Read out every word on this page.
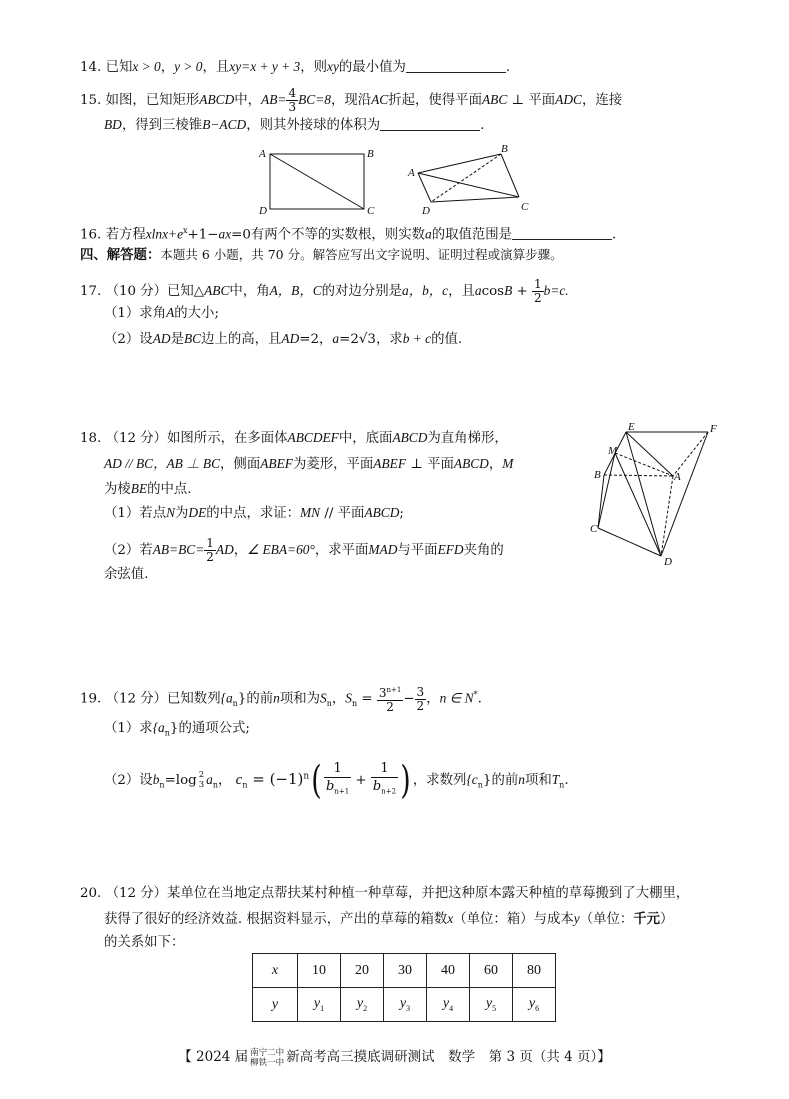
14. 已知x > 0，y > 0，且xy=x + y + 3，则xy的最小值为	.
15. 如图，已知矩形ABCD中，$AB= \frac{4}{3} BC=8$，现沿AC折起，使得平面ABC ⊥ 平面ADC，连接
BD，得到三棱锥B−ACD，则其外接球的体积为	.
A	B
D	C
A
B
D	C
16. 若方程$xlnx+e^x+1-ax=0$有两个不等的实数根，则实数a的取值范围是	.
四、解答题：本题共 6 小题，共 70 分。解答应写出文字说明、证明过程或演算步骤。
17. （10 分）已知△ABC中，角A，B，C的对边分别是a，b，c，且$acosB + \frac{1}{2} b=c$.
（1）求角A的大小;
（2）设AD是BC边上的高，且AD=2，a=2√3，求b + c的值.
18. （12 分）如图所示，在多面体ABCDEF中，底面ABCD为直角梯形，
AD // BC，AB ⊥ BC，侧面ABEF为菱形，平面ABEF ⊥ 平面ABCD，M
为棱BE的中点.
（1）若点N为DE的中点，求证：MN // 平面ABCD;
（2）若$AB=BC= \frac{1}{2}$ AD，∠ EBA=60°，求平面MAD与平面EFD夹角的
余弦值.
E	F
M
B	A
C
D
19. （12 分）已知数列$\{a_n\}$的前n项和为$S_n$，$S_n = \frac{3^{n+1}}{2} - \frac{3}{2}$ ，n ∈ N*.
（1）求$\{a_n\}$的通项公式;
（2）设$b_n=\log$ 2
3 $a_n$， $c_n = (-1)^n( \frac{1}{b_{n+1}} + \frac{1}{b_{n+2}}$ ) ，求数列$\{c_n\}$的前n项和$T_n$.
20. （12 分）某单位在当地定点帮扶某村种植一种草莓，并把这种原本露天种植的草莓搬到了大棚里，
获得了很好的经济效益. 根据资料显示，产出的草莓的箱数x（单位：箱）与成本y（单位：千元）
的关系如下：
x	10	20	30	40	60	80
y	$y_1$	$y_2$	$y_3$	$y_4$	$y_5$	$y_6$
【 2024 届 南宁二中
柳铁一中 新高考高三摸底调研测试　数学　第 3 页（共 4 页）】
